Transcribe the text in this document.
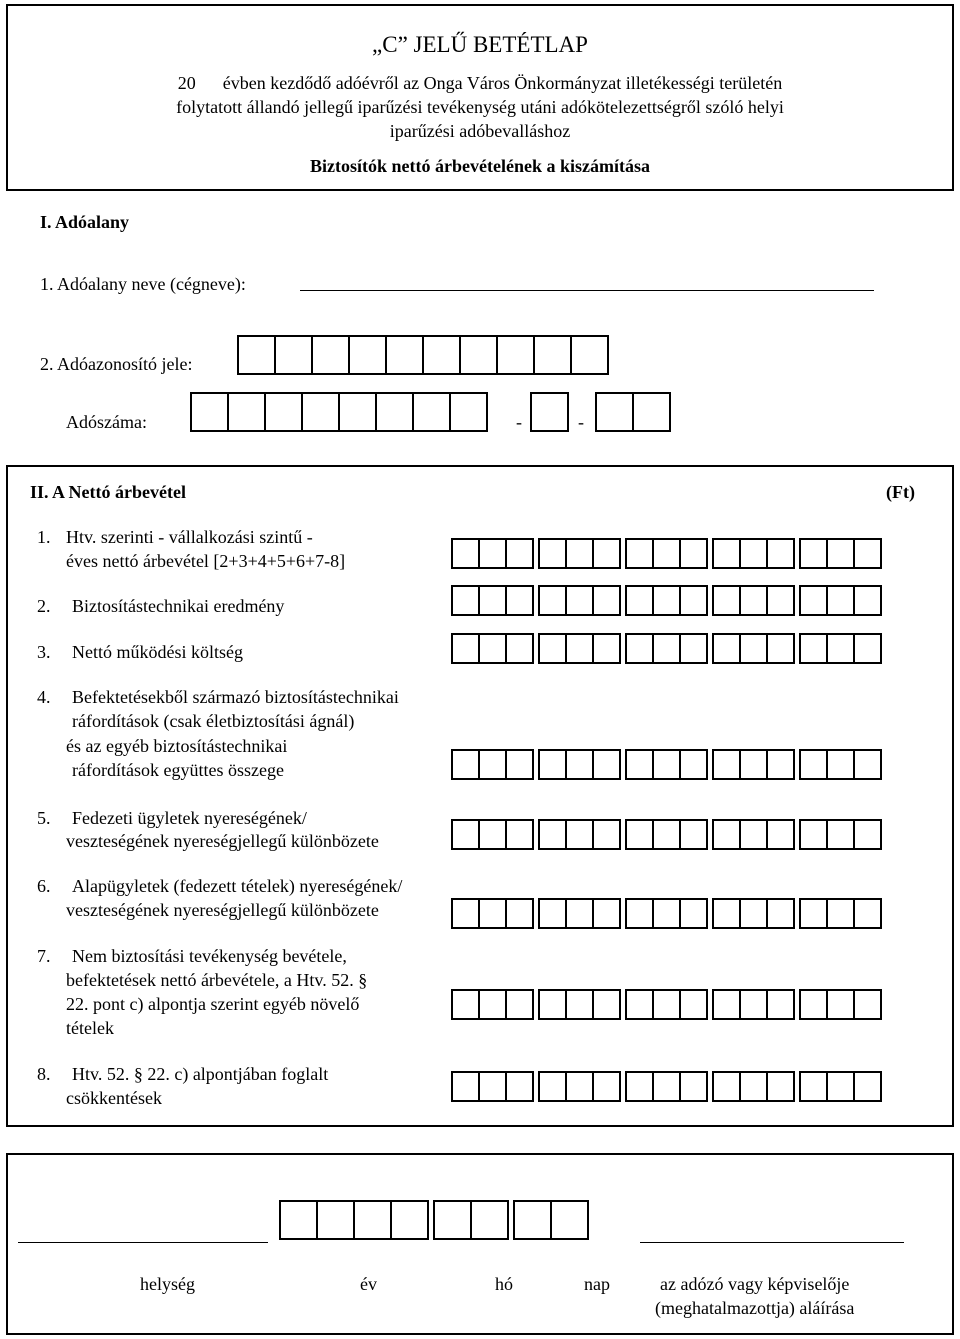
„C” JELŰ BETÉTLAP
20      évben kezdődő adóévről az Onga Város Önkormányzat illetékességi területén
folytatott állandó jellegű iparűzési tevékenység utáni adókötelezettségről szóló helyi
iparűzési adóbevalláshoz
Biztosítók nettó árbevételének a kiszámítása
I. Adóalany
1. Adóalany neve (cégneve):
2. Adóazonosító jele:
Adószáma:	-	-
II. A Nettó árbevétel	(Ft)
1. Htv. szerinti - vállalkozási szintű -
éves nettó árbevétel [2+3+4+5+6+7-8]
2. Biztosítástechnikai eredmény
3. Nettó működési költség
4. Befektetésekből származó biztosítástechnikai
ráfordítások (csak életbiztosítási ágnál)
és az egyéb biztosítástechnikai
ráfordítások együttes összege
5. Fedezeti ügyletek nyereségének/
veszteségének nyereségjellegű különbözete
6. Alapügyletek (fedezett tételek) nyereségének/
veszteségének nyereségjellegű különbözete
7. Nem biztosítási tevékenység bevétele,
befektetések nettó árbevétele, a Htv. 52. §
22. pont c) alpontja szerint egyéb növelő
tételek
8. Htv. 52. § 22. c) alpontjában foglalt
csökkentések
helység	év	hó	nap	az adózó vagy képviselője
(meghatalmazottja) aláírása
